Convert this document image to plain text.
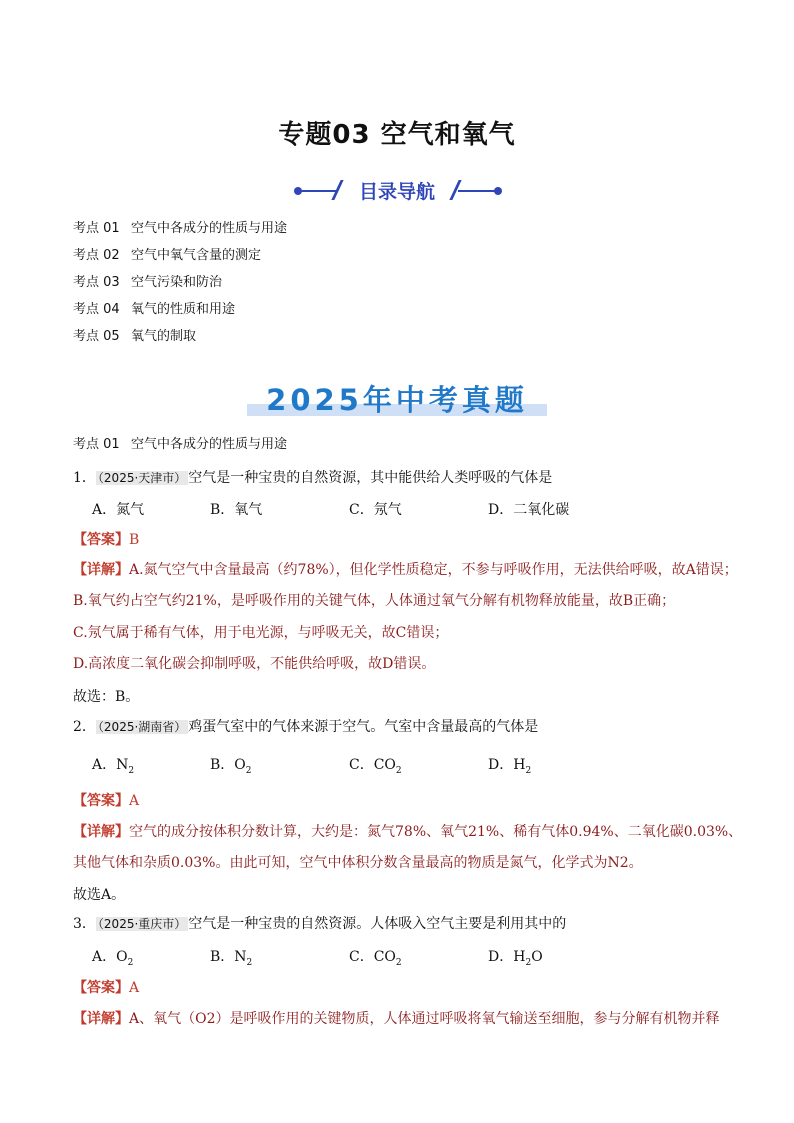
专题03 空气和氧气
目录导航
考点 01 空气中各成分的性质与用途
考点 02 空气中氧气含量的测定
考点 03 空气污染和防治
考点 04 氧气的性质和用途
考点 05 氧气的制取
2025年中考真题
考点 01 空气中各成分的性质与用途
1． （2025·天津市） 空气是一种宝贵的自然资源，其中能供给人类呼吸的气体是
A．氮气	B．氧气	C．氖气	D．二氧化碳
【答案】B
【详解】A.氮气空气中含量最高（约78%），但化学性质稳定，不参与呼吸作用，无法供给呼吸，故A错误；
B.氧气约占空气约21%，是呼吸作用的关键气体，人体通过氧气分解有机物释放能量，故B正确；
C.氖气属于稀有气体，用于电光源，与呼吸无关，故C错误；
D.高浓度二氧化碳会抑制呼吸，不能供给呼吸，故D错误。
故选：B。
2． （2025·湖南省） 鸡蛋气室中的气体来源于空气。气室中含量最高的气体是
A．$N_2$	B．$O_2$	C．$CO_2$	D．$H_2$
【答案】A
【详解】空气的成分按体积分数计算，大约是：氮气78%、氧气21%、稀有气体0.94%、二氧化碳0.03%、
其他气体和杂质0.03%。由此可知，空气中体积分数含量最高的物质是氮气，化学式为N2。
故选A。
3． （2025·重庆市） 空气是一种宝贵的自然资源。人体吸入空气主要是利用其中的
A．$O_2$	B．$N_2$	C．$CO_2$	D．$H_2O$
【答案】A
【详解】A、氧气（O2）是呼吸作用的关键物质，人体通过呼吸将氧气输送至细胞，参与分解有机物并释
